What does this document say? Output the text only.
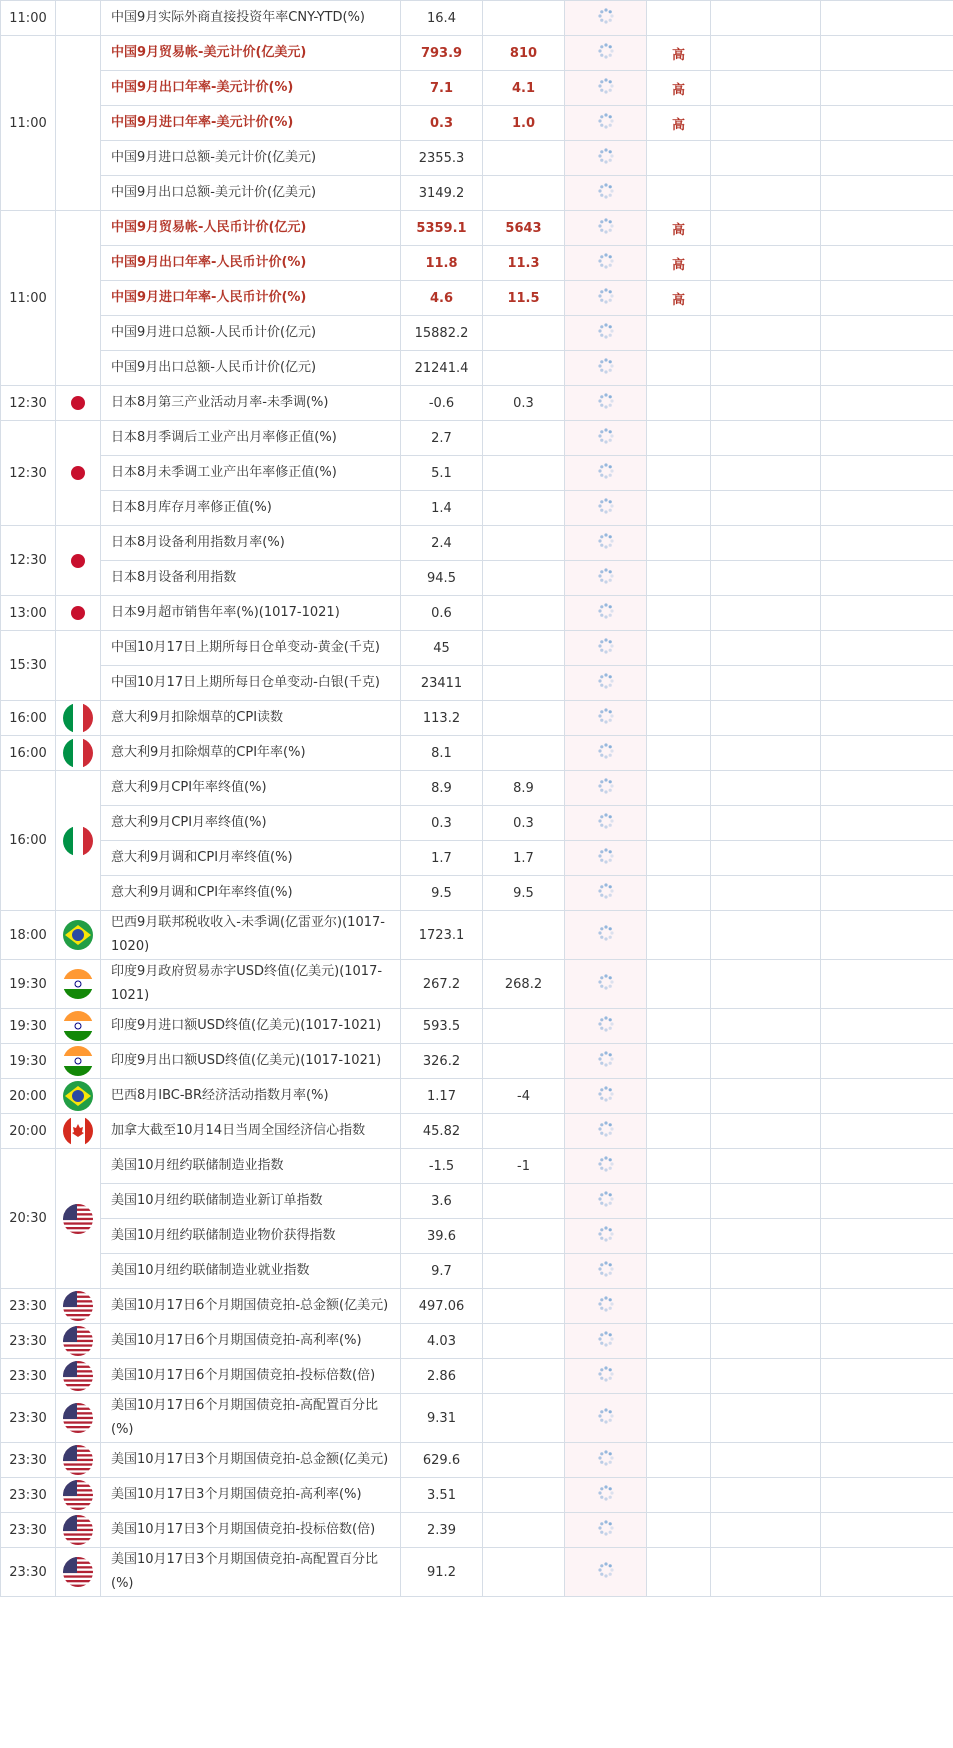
11:00		中国9月实际外商直接投资年率CNY-YTD(%)	16.4						
11:00		中国9月贸易帐-美元计价(亿美元)	793.9	810		高			
		中国9月出口年率-美元计价(%)	7.1	4.1		高			
		中国9月进口年率-美元计价(%)	0.3	1.0		高			
		中国9月进口总额-美元计价(亿美元)	2355.3						
		中国9月出口总额-美元计价(亿美元)	3149.2						
11:00		中国9月贸易帐-人民币计价(亿元)	5359.1	5643		高			
		中国9月出口年率-人民币计价(%)	11.8	11.3		高			
		中国9月进口年率-人民币计价(%)	4.6	11.5		高			
		中国9月进口总额-人民币计价(亿元)	15882.2						
		中国9月出口总额-人民币计价(亿元)	21241.4						
12:30		日本8月第三产业活动月率-未季调(%)	-0.6	0.3					
12:30		日本8月季调后工业产出月率修正值(%)	2.7						
		日本8月未季调工业产出年率修正值(%)	5.1						
		日本8月库存月率修正值(%)	1.4						
12:30		日本8月设备利用指数月率(%)	2.4						
		日本8月设备利用指数	94.5						
13:00		日本9月超市销售年率(%)(1017-1021)	0.6						
15:30		中国10月17日上期所每日仓单变动-黄金(千克)	45						
		中国10月17日上期所每日仓单变动-白银(千克)	23411						
16:00		意大利9月扣除烟草的CPI读数	113.2						
16:00		意大利9月扣除烟草的CPI年率(%)	8.1						
16:00		意大利9月CPI年率终值(%)	8.9	8.9					
		意大利9月CPI月率终值(%)	0.3	0.3					
		意大利9月调和CPI月率终值(%)	1.7	1.7					
		意大利9月调和CPI年率终值(%)	9.5	9.5					
18:00		巴西9月联邦税收收入-未季调(亿雷亚尔)(1017-1020)	1723.1						
19:30		印度9月政府贸易赤字USD终值(亿美元)(1017-1021)	267.2	268.2					
19:30		印度9月进口额USD终值(亿美元)(1017-1021)	593.5						
19:30		印度9月出口额USD终值(亿美元)(1017-1021)	326.2						
20:00		巴西8月IBC-BR经济活动指数月率(%)	1.17	-4					
20:00		加拿大截至10月14日当周全国经济信心指数	45.82						
20:30		美国10月纽约联储制造业指数	-1.5	-1					
		美国10月纽约联储制造业新订单指数	3.6						
		美国10月纽约联储制造业物价获得指数	39.6						
		美国10月纽约联储制造业就业指数	9.7						
23:30		美国10月17日6个月期国债竞拍-总金额(亿美元)	497.06						
23:30		美国10月17日6个月期国债竞拍-高利率(%)	4.03						
23:30		美国10月17日6个月期国债竞拍-投标倍数(倍)	2.86						
23:30		美国10月17日6个月期国债竞拍-高配置百分比(%)	9.31						
23:30		美国10月17日3个月期国债竞拍-总金额(亿美元)	629.6						
23:30		美国10月17日3个月期国债竞拍-高利率(%)	3.51						
23:30		美国10月17日3个月期国债竞拍-投标倍数(倍)	2.39						
23:30		美国10月17日3个月期国债竞拍-高配置百分比(%)	91.2						
